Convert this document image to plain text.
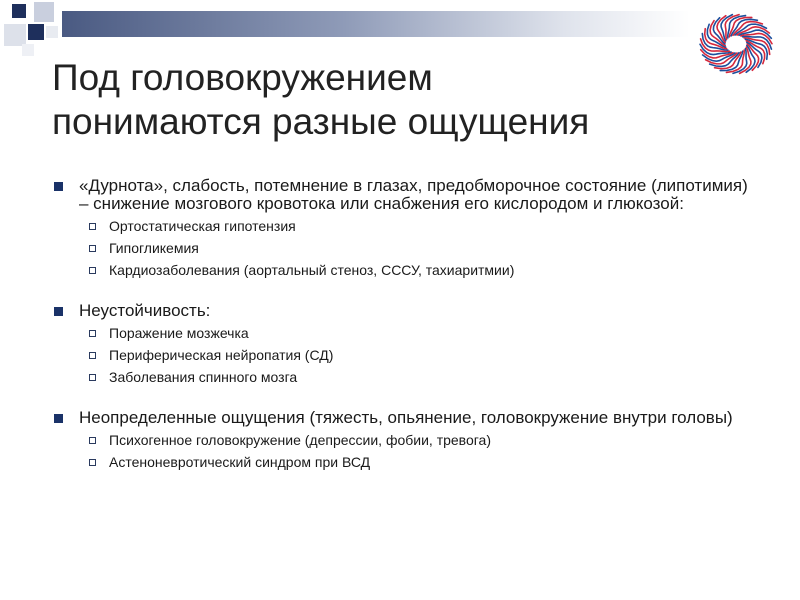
Под головокружением
понимаются разные ощущения
«Дурнота», слабость, потемнение в глазах, предобморочное состояние (липотимия) – снижение мозгового кровотока или снабжения его кислородом и глюкозой:
Ортостатическая гипотензия
Гипогликемия
Кардиозаболевания (аортальный стеноз, СССУ, тахиаритмии)
Неустойчивость:
Поражение мозжечка
Периферическая нейропатия (СД)
Заболевания спинного мозга
Неопределенные ощущения (тяжесть, опьянение, головокружение внутри головы)
Психогенное головокружение (депрессии, фобии, тревога)
Астеноневротический синдром при ВСД
